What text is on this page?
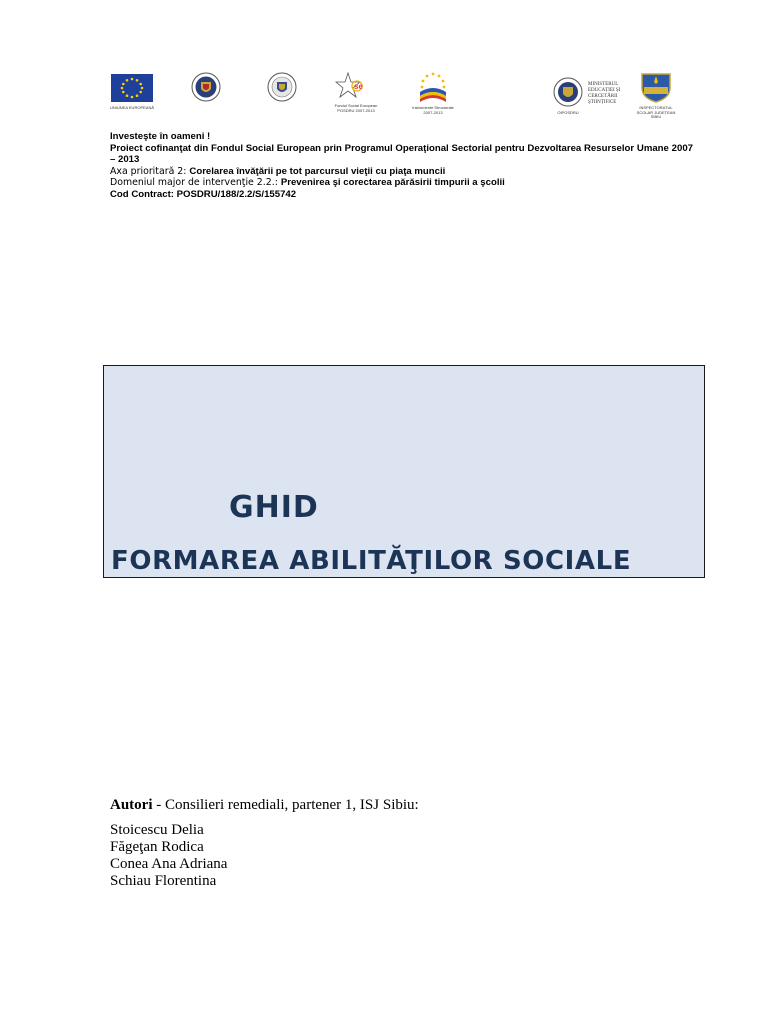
UNIUNEA EUROPEANĂ
se
Fondul Social European POSDRU 2007-2013	Instrumente Structurale 2007-2013
MINISTERUL EDUCAȚIEI ȘI CERCETĂRII ȘTIINȚIFICE
OIPOSDRU
INSPECTORATUL ȘCOLAR JUDEȚEAN SIBIU
Investeşte în oameni !
Proiect cofinanţat din Fondul Social European prin Programul Operaţional Sectorial pentru Dezvoltarea Resurselor Umane 2007 – 2013
Axa prioritară 2: Corelarea învăţării pe tot parcursul vieţii cu piaţa muncii
Domeniul major de intervenţie 2.2.: Prevenirea şi corectarea părăsirii timpurii a şcolii
Cod Contract: POSDRU/188/2.2/S/155742
GHID
FORMAREA ABILITĂŢILOR SOCIALE
Autori - Consilieri remediali, partener 1, ISJ Sibiu:
Stoicescu Delia
Făgeţan Rodica
Conea Ana Adriana
Schiau Florentina
